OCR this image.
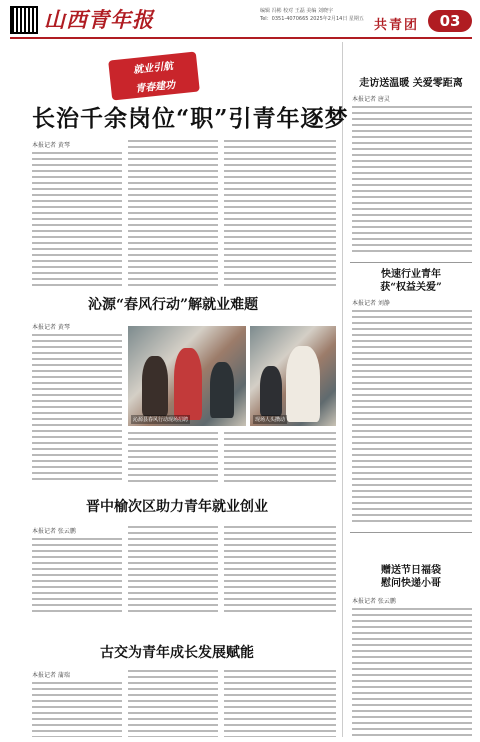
山西青年报	编辑 冯彬 校对 王磊 美编 刘晓宇
Tel：0351-4070665 2025年2月14日 星期五 共青团	03
就业引航
青春建功
长治千余岗位“职”引青年逐梦
本报记者 黄琴
沁源“春风行动”解就业难题
本报记者 黄琴
沁源县春风行动现场招聘	现场人头攒动
晋中榆次区助力青年就业创业
本报记者 张云鹏
古交为青年成长发展赋能
本报记者 蒲瑞
走访送温暖 关爱零距离
本报记者 唐灵
快速行业青年
获“权益关爱”
本报记者 刘静
赠送节日福袋
慰问快递小哥
本报记者 张云鹏
